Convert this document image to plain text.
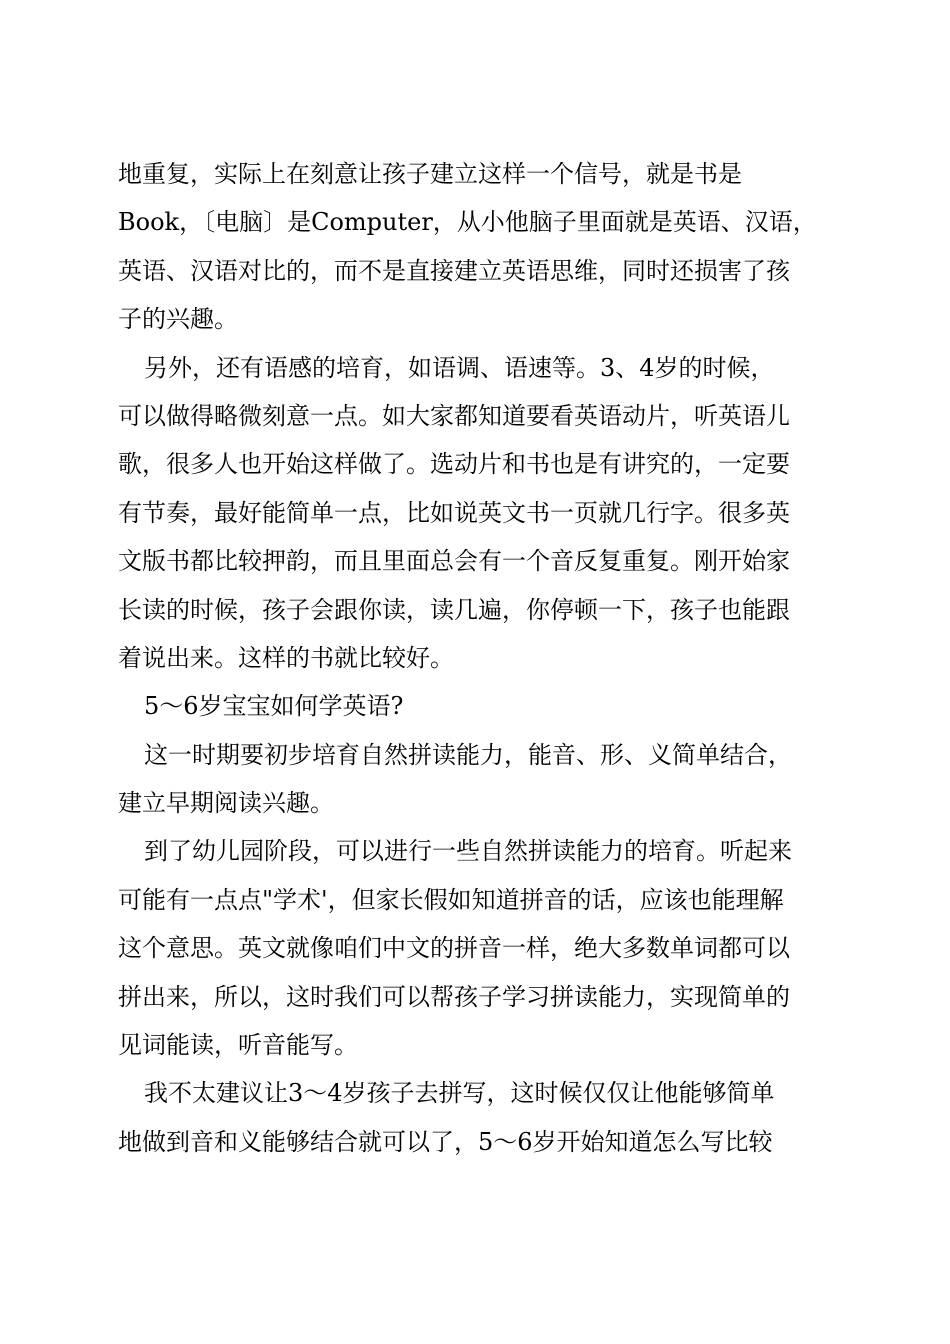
地重复，实际上在刻意让孩子建立这样一个信号，就是书是
Book，〔电脑〕是Computer，从小他脑子里面就是英语、汉语，
英语、汉语对比的，而不是直接建立英语思维，同时还损害了孩
子的兴趣。
另外，还有语感的培育，如语调、语速等。3、4岁的时候，
可以做得略微刻意一点。如大家都知道要看英语动片，听英语儿
歌，很多人也开始这样做了。选动片和书也是有讲究的，一定要
有节奏，最好能简单一点，比如说英文书一页就几行字。很多英
文版书都比较押韵，而且里面总会有一个音反复重复。刚开始家
长读的时候，孩子会跟你读，读几遍，你停顿一下，孩子也能跟
着说出来。这样的书就比较好。
5～6岁宝宝如何学英语?
这一时期要初步培育自然拼读能力，能音、形、义简单结合，
建立早期阅读兴趣。
到了幼儿园阶段，可以进行一些自然拼读能力的培育。听起来
可能有一点点"学术'，但家长假如知道拼音的话，应该也能理解
这个意思。英文就像咱们中文的拼音一样，绝大多数单词都可以
拼出来，所以，这时我们可以帮孩子学习拼读能力，实现简单的
见词能读，听音能写。
我不太建议让3～4岁孩子去拼写，这时候仅仅让他能够简单
地做到音和义能够结合就可以了，5～6岁开始知道怎么写比较
